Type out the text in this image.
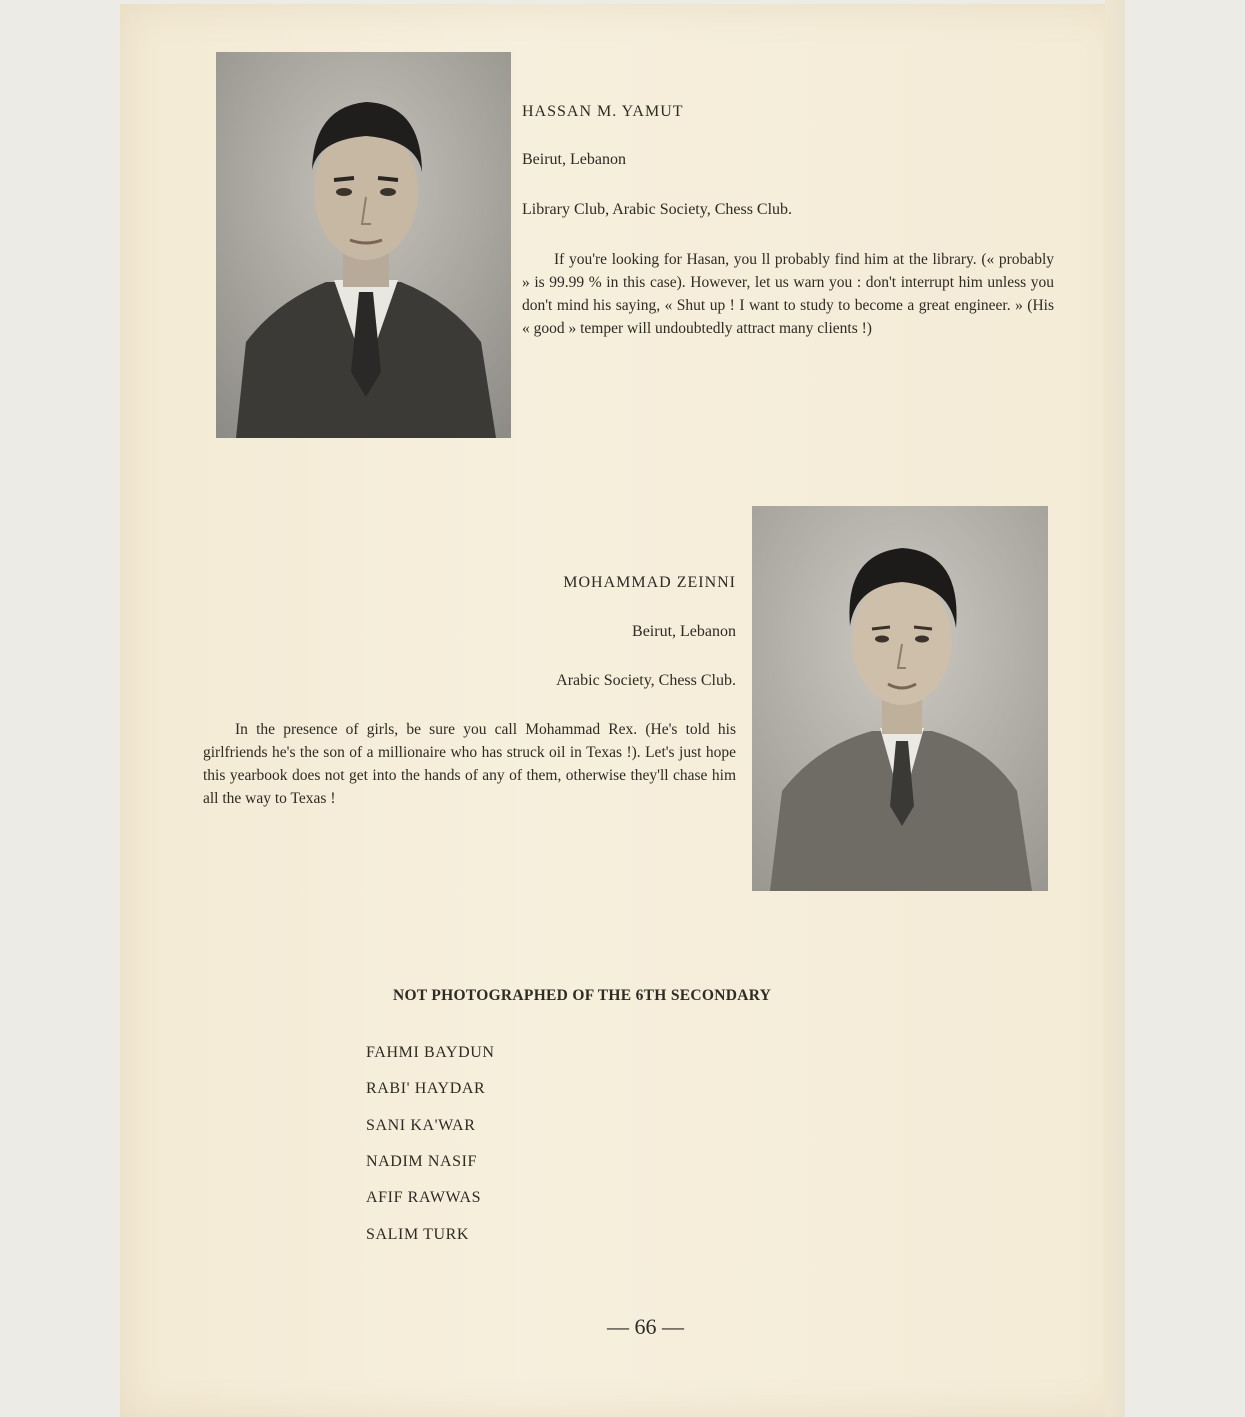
HASSAN M. YAMUT
Beirut, Lebanon
Library Club, Arabic Society, Chess Club.
If you're looking for Hasan, you ll probably find him at the library. (« probably » is 99.99 % in this case). However, let us warn you : don't interrupt him unless you don't mind his saying, « Shut up ! I want to study to become a great engineer. » (His « good » temper will undoubtedly attract many clients !)
MOHAMMAD ZEINNI
Beirut, Lebanon
Arabic Society, Chess Club.
In the presence of girls, be sure you call Mohammad Rex. (He's told his girlfriends he's the son of a millionaire who has struck oil in Texas !). Let's just hope this yearbook does not get into the hands of any of them, otherwise they'll chase him all the way to Texas !
NOT PHOTOGRAPHED OF THE 6TH SECONDARY
FAHMI BAYDUN
RABI' HAYDAR
SANI KA'WAR
NADIM NASIF
AFIF RAWWAS
SALIM TURK
— 66 —
